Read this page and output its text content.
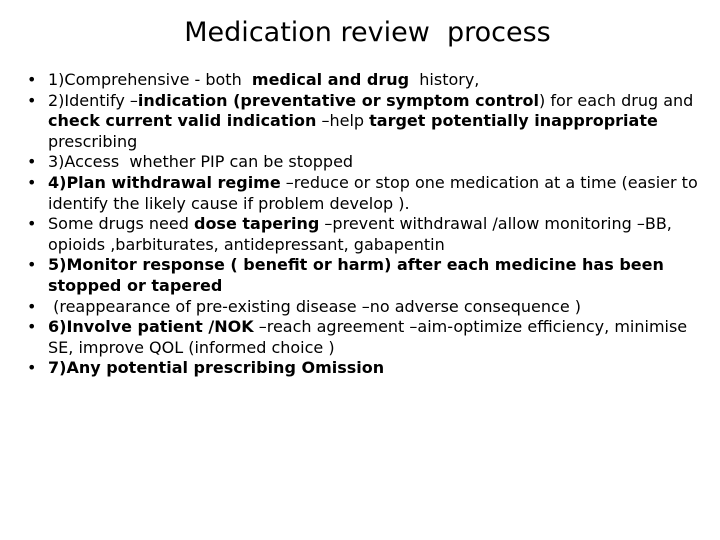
Medication review  process
• 1)Comprehensive - both  medical and drug  history,
• 2)Identify –indication (preventative or symptom control) for each drug and check current valid indication –help target potentially inappropriate prescribing
• 3)Access  whether PIP can be stopped
• 4)Plan withdrawal regime –reduce or stop one medication at a time (easier to identify the likely cause if problem develop ).
• Some drugs need dose tapering –prevent withdrawal /allow monitoring –BB, opioids ,barbiturates, antidepressant, gabapentin
• 5)Monitor response ( benefit or harm) after each medicine has been stopped or tapered
• (reappearance of pre-existing disease –no adverse consequence )
• 6)Involve patient /NOK –reach agreement –aim-optimize efficiency, minimise SE, improve QOL (informed choice )
• 7)Any potential prescribing Omission
